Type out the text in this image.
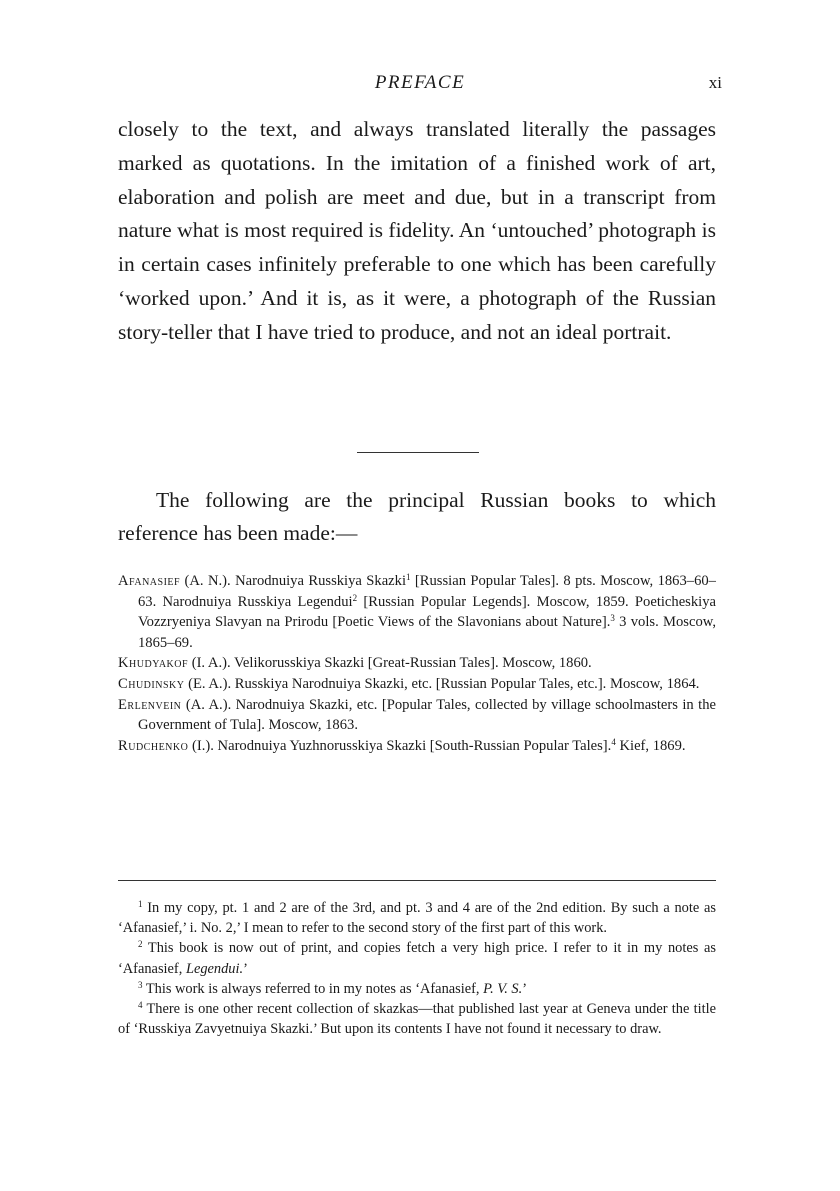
PREFACE	xi

closely to the text, and always translated literally the passages marked as quotations. In the imitation of a finished work of art, elaboration and polish are meet and due, but in a transcript from nature what is most required is fidelity. An ‘untouched’ photograph is in certain cases infinitely preferable to one which has been carefully ‘worked upon.’ And it is, as it were, a photograph of the Russian story-teller that I have tried to produce, and not an ideal portrait.

The following are the principal Russian books to which reference has been made:—

Afanasief (A. N.). Narodnuiya Russkiya Skazki$^1$ [Russian Popular Tales]. 8 pts. Moscow, 1863–60–63. Narodnuiya Russkiya Legendui$^2$ [Russian Popular Legends]. Moscow, 1859. Poeticheskiya Vozzryeniya Slavyan na Prirodu [Poetic Views of the Slavonians about Nature].$^3$ 3 vols. Moscow, 1865–69.

Khudyakof (I. A.). Velikorusskiya Skazki [Great-Russian Tales]. Moscow, 1860.

Chudinsky (E. A.). Russkiya Narodnuiya Skazki, etc. [Russian Popular Tales, etc.]. Moscow, 1864.

Erlenvein (A. A.). Narodnuiya Skazki, etc. [Popular Tales, collected by village schoolmasters in the Government of Tula]. Moscow, 1863.

Rudchenko (I.). Narodnuiya Yuzhnorusskiya Skazki [South-Russian Popular Tales].$^4$ Kief, 1869.

$^1$ In my copy, pt. 1 and 2 are of the 3rd, and pt. 3 and 4 are of the 2nd edition. By such a note as ‘Afanasief,’ i. No. 2,’ I mean to refer to the second story of the first part of this work.

$^2$ This book is now out of print, and copies fetch a very high price. I refer to it in my notes as ‘Afanasief, Legendui.’

$^3$ This work is always referred to in my notes as ‘Afanasief, P. V. S.’

$^4$ There is one other recent collection of skazkas—that published last year at Geneva under the title of ‘Russkiya Zavyetnuiya Skazki.’ But upon its contents I have not found it necessary to draw.
